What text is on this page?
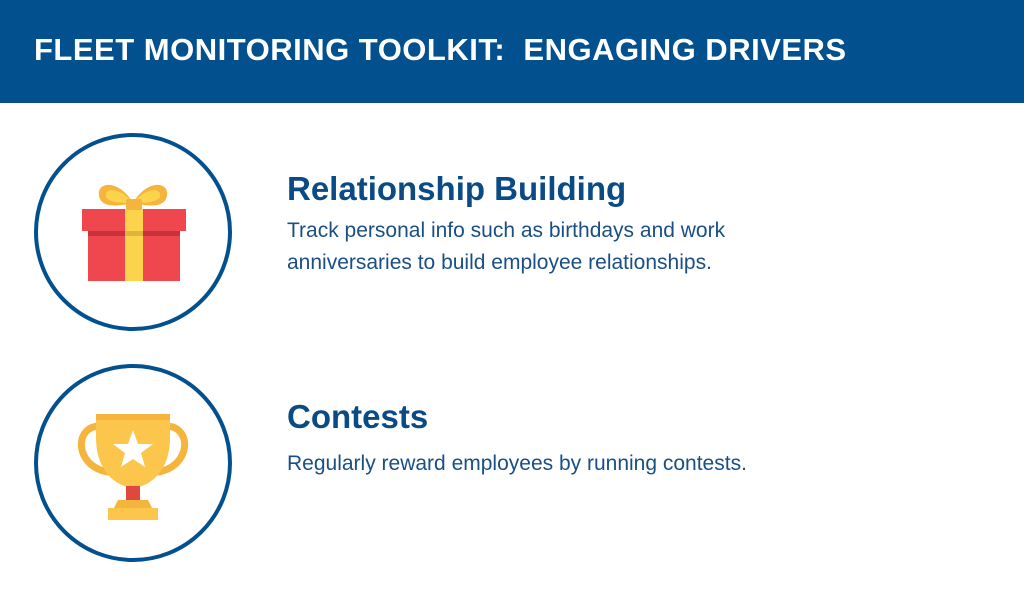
FLEET MONITORING TOOLKIT:  ENGAGING DRIVERS
Relationship Building
Track personal info such as birthdays and work anniversaries to build employee relationships.
Contests
Regularly reward employees by running contests.
